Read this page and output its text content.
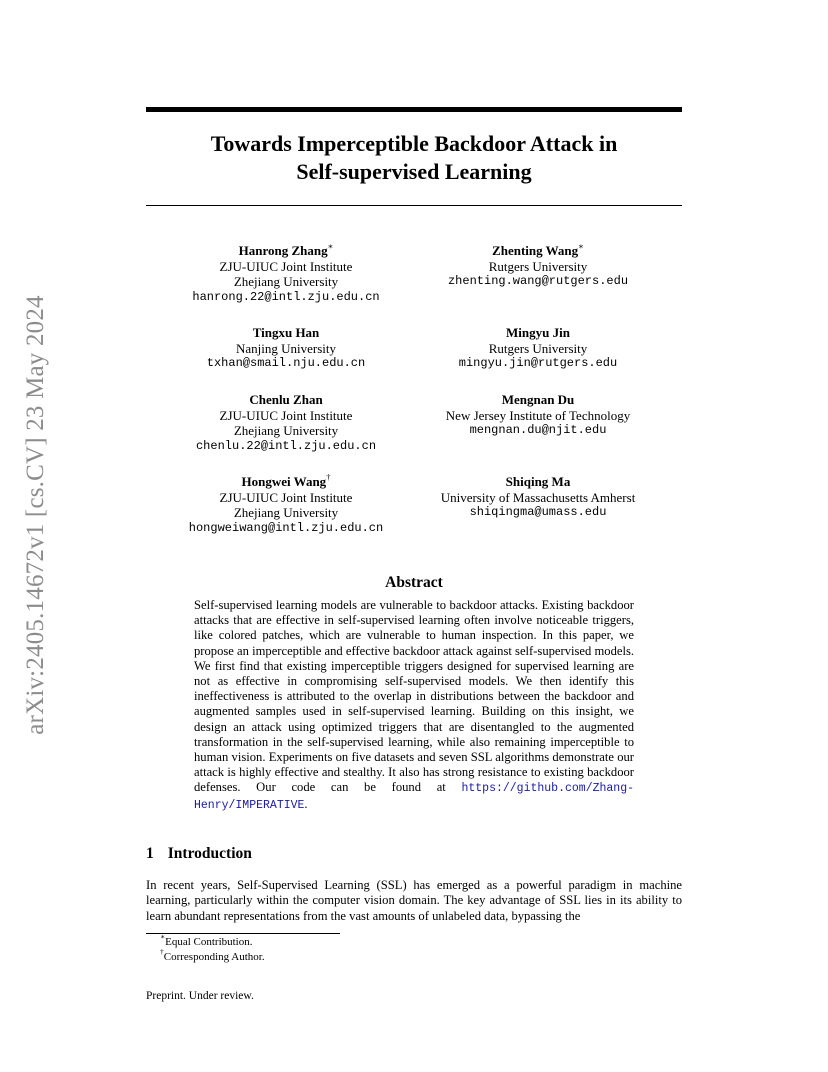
arXiv:2405.14672v1 [cs.CV] 23 May 2024
Towards Imperceptible Backdoor Attack in
Self-supervised Learning
Hanrong Zhang∗
ZJU-UIUC Joint Institute
Zhejiang University
hanrong.22@intl.zju.edu.cn
Zhenting Wang∗
Rutgers University
zhenting.wang@rutgers.edu
Tingxu Han
Nanjing University
txhan@smail.nju.edu.cn
Mingyu Jin
Rutgers University
mingyu.jin@rutgers.edu
Chenlu Zhan
ZJU-UIUC Joint Institute
Zhejiang University
chenlu.22@intl.zju.edu.cn
Mengnan Du
New Jersey Institute of Technology
mengnan.du@njit.edu
Hongwei Wang†
ZJU-UIUC Joint Institute
Zhejiang University
hongweiwang@intl.zju.edu.cn
Shiqing Ma
University of Massachusetts Amherst
shiqingma@umass.edu
Abstract
Self-supervised learning models are vulnerable to backdoor attacks. Existing backdoor attacks that are effective in self-supervised learning often involve noticeable triggers, like colored patches, which are vulnerable to human inspection. In this paper, we propose an imperceptible and effective backdoor attack against self-supervised models. We first find that existing imperceptible triggers designed for supervised learning are not as effective in compromising self-supervised models. We then identify this ineffectiveness is attributed to the overlap in distributions between the backdoor and augmented samples used in self-supervised learning. Building on this insight, we design an attack using optimized triggers that are disentangled to the augmented transformation in the self-supervised learning, while also remaining imperceptible to human vision. Experiments on five datasets and seven SSL algorithms demonstrate our attack is highly effective and stealthy. It also has strong resistance to existing backdoor defenses. Our code can be found at https://github.com/Zhang-Henry/IMPERATIVE.
1 Introduction
In recent years, Self-Supervised Learning (SSL) has emerged as a powerful paradigm in machine learning, particularly within the computer vision domain. The key advantage of SSL lies in its ability to learn abundant representations from the vast amounts of unlabeled data, bypassing the
∗Equal Contribution.
†Corresponding Author.
Preprint. Under review.
